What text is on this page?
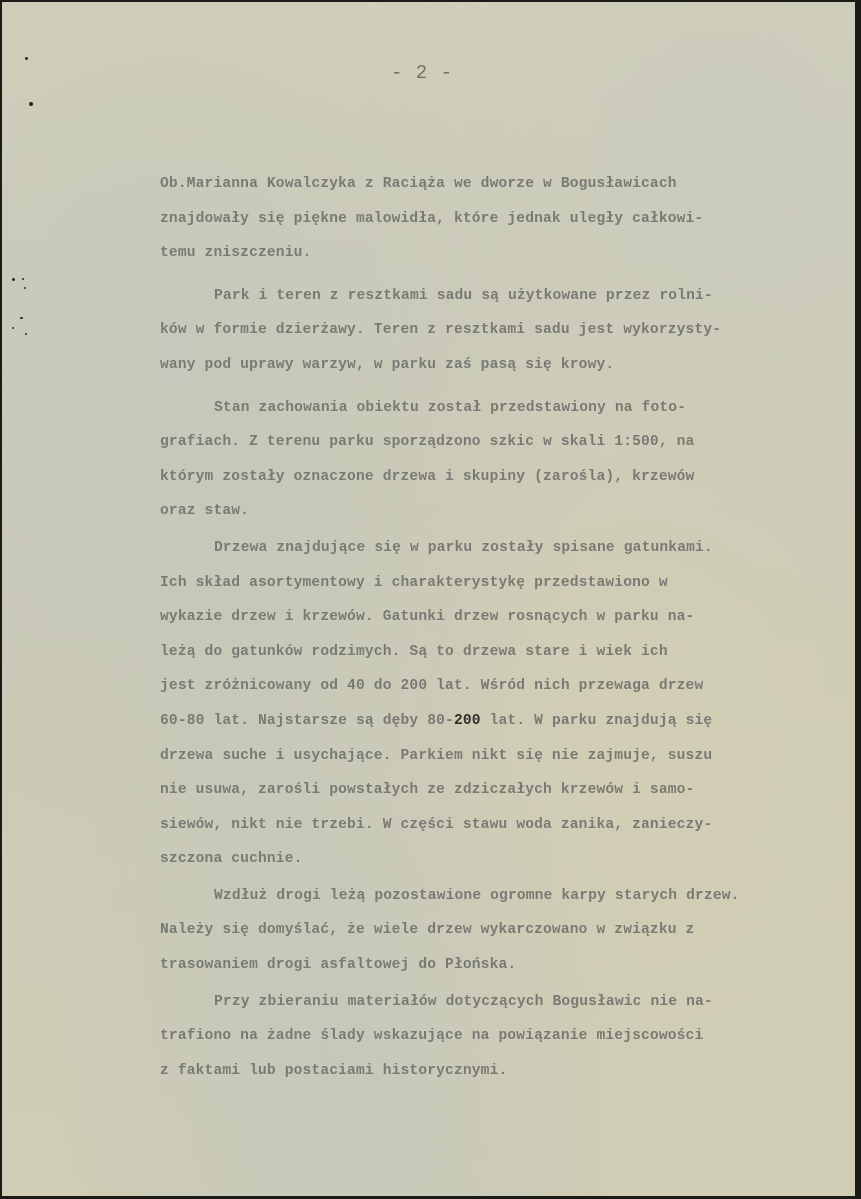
- 2 -
Ob.Marianna Kowalczyka z Raciąża we dworze w Bogusławicach
znajdowały się piękne malowidła, które jednak uległy całkowi-
temu zniszczeniu.
Park i teren z resztkami sadu są użytkowane przez rolni-
ków w formie dzierżawy. Teren z resztkami sadu jest wykorzysty-
wany pod uprawy warzyw, w parku zaś pasą się krowy.
Stan zachowania obiektu został przedstawiony na foto-
grafiach. Z terenu parku sporządzono szkic w skali 1:500, na
którym zostały oznaczone drzewa i skupiny (zarośla), krzewów
oraz staw.
Drzewa znajdujące się w parku zostały spisane gatunkami.
Ich skład asortymentowy i charakterystykę przedstawiono w
wykazie drzew i krzewów. Gatunki drzew rosnących w parku na-
leżą do gatunków rodzimych. Są to drzewa stare i wiek ich
jest zróżnicowany od 40 do 200 lat. Wśród nich przewaga drzew
60-80 lat. Najstarsze są dęby 80-200 lat. W parku znajdują się
drzewa suche i usychające. Parkiem nikt się nie zajmuje, suszu
nie usuwa, zarośli powstałych ze zdziczałych krzewów i samo-
siewów, nikt nie trzebi. W części stawu woda zanika, zanieczy-
szczona cuchnie.
Wzdłuż drogi leżą pozostawione ogromne karpy starych drzew.
Należy się domyślać, że wiele drzew wykarczowano w związku z
trasowaniem drogi asfaltowej do Płońska.
Przy zbieraniu materiałów dotyczących Bogusławic nie na-
trafiono na żadne ślady wskazujące na powiązanie miejscowości
z faktami lub postaciami historycznymi.
